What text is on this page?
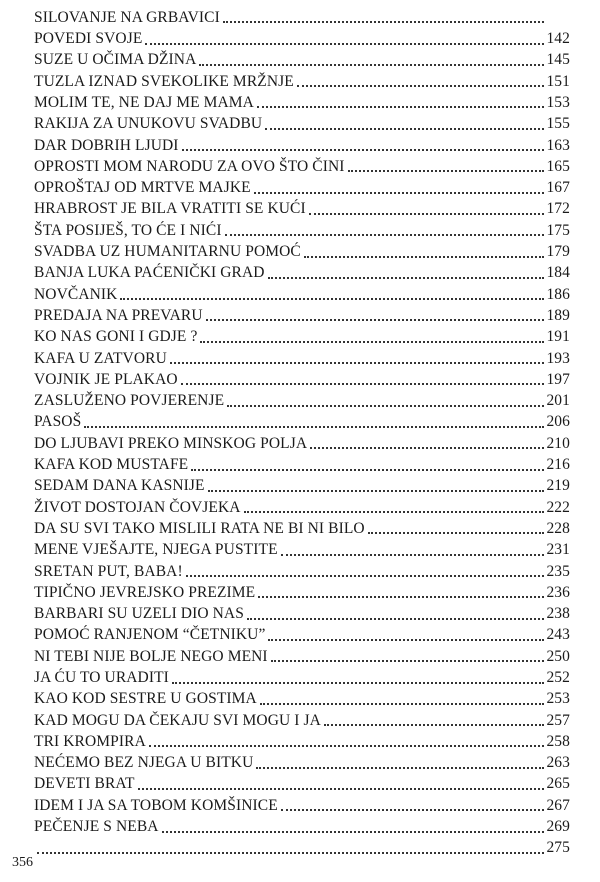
SILOVANJE NA GRBAVICI
POVEDI SVOJE	142
SUZE U OČIMA DŽINA	145
TUZLA IZNAD SVEKOLIKE MRŽNJE	151
MOLIM TE, NE DAJ ME MAMA	153
RAKIJA ZA UNUKOVU SVADBU	155
DAR DOBRIH LJUDI	163
OPROSTI MOM NARODU ZA OVO ŠTO ČINI	165
OPROŠTAJ OD MRTVE MAJKE	167
HRABROST JE BILA VRATITI SE KUĆI	172
ŠTA POSIJEŠ, TO ĆE I NIĆI	175
SVADBA UZ HUMANITARNU POMOĆ	179
BANJA LUKA PAĆENIČKI GRAD	184
NOVČANIK	186
PREDAJA NA PREVARU	189
KO NAS GONI I GDJE ?	191
KAFA U ZATVORU	193
VOJNIK JE PLAKAO	197
ZASLUŽENO POVJERENJE	201
PASOŠ	206
DO LJUBAVI PREKO MINSKOG POLJA	210
KAFA KOD MUSTAFE	216
SEDAM DANA KASNIJE	219
ŽIVOT DOSTOJAN ČOVJEKA	222
DA SU SVI TAKO MISLILI RATA NE BI NI BILO	228
MENE VJEŠAJTE, NJEGA PUSTITE	231
SRETAN PUT, BABA!	235
TIPIČNO JEVREJSKO PREZIME	236
BARBARI SU UZELI DIO NAS	238
POMOĆ RANJENOM “ČETNIKU”	243
NI TEBI NIJE BOLJE NEGO MENI	250
JA ĆU TO URADITI	252
KAO KOD SESTRE U GOSTIMA	253
KAD MOGU DA ČEKAJU SVI MOGU I JA	257
TRI KROMPIRA	258
NEĆEMO BEZ NJEGA U BITKU	263
DEVETI BRAT	265
IDEM I JA SA TOBOM KOMŠINICE	267
PEČENJE S NEBA	269
275
356
